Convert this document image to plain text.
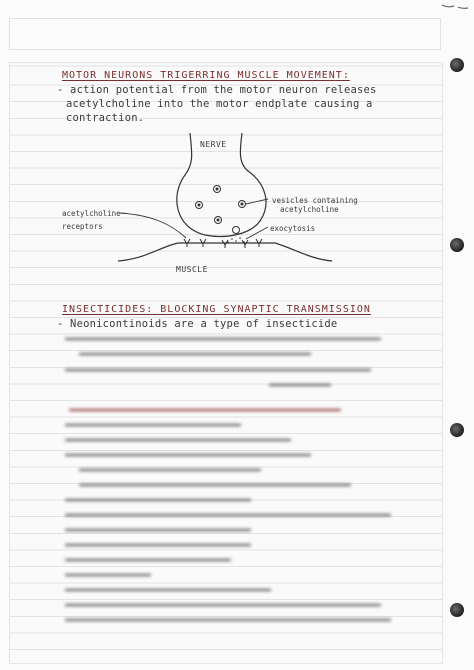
MOTOR NEURONS TRIGERRING MUSCLE MOVEMENT:
- action potential from the motor neuron releases
acetylcholine into the motor endplate causing a
contraction.
NERVE
vesicles containing
acetylcholine
acetylcholine
receptors	exocytosis
MUSCLE
INSECTICIDES: BLOCKING SYNAPTIC TRANSMISSION
- Neonicontinoids are a type of insecticide
